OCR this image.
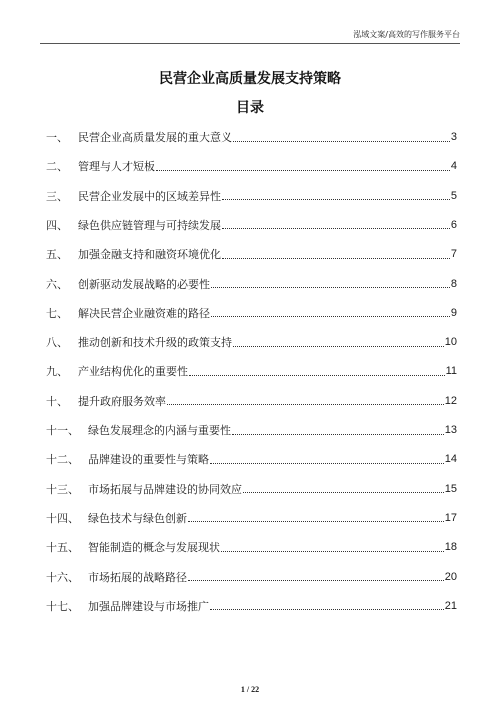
泓域文案/高效的写作服务平台
民营企业高质量发展支持策略
目录
一、 民营企业高质量发展的重大意义	3
二、 管理与人才短板	4
三、 民营企业发展中的区域差异性	5
四、 绿色供应链管理与可持续发展	6
五、 加强金融支持和融资环境优化	7
六、 创新驱动发展战略的必要性	8
七、 解决民营企业融资难的路径	9
八、 推动创新和技术升级的政策支持	10
九、 产业结构优化的重要性	11
十、 提升政府服务效率	12
十一、 绿色发展理念的内涵与重要性	13
十二、 品牌建设的重要性与策略	14
十三、 市场拓展与品牌建设的协同效应	15
十四、 绿色技术与绿色创新	17
十五、 智能制造的概念与发展现状	18
十六、 市场拓展的战略路径	20
十七、 加强品牌建设与市场推广	21
1 / 22
